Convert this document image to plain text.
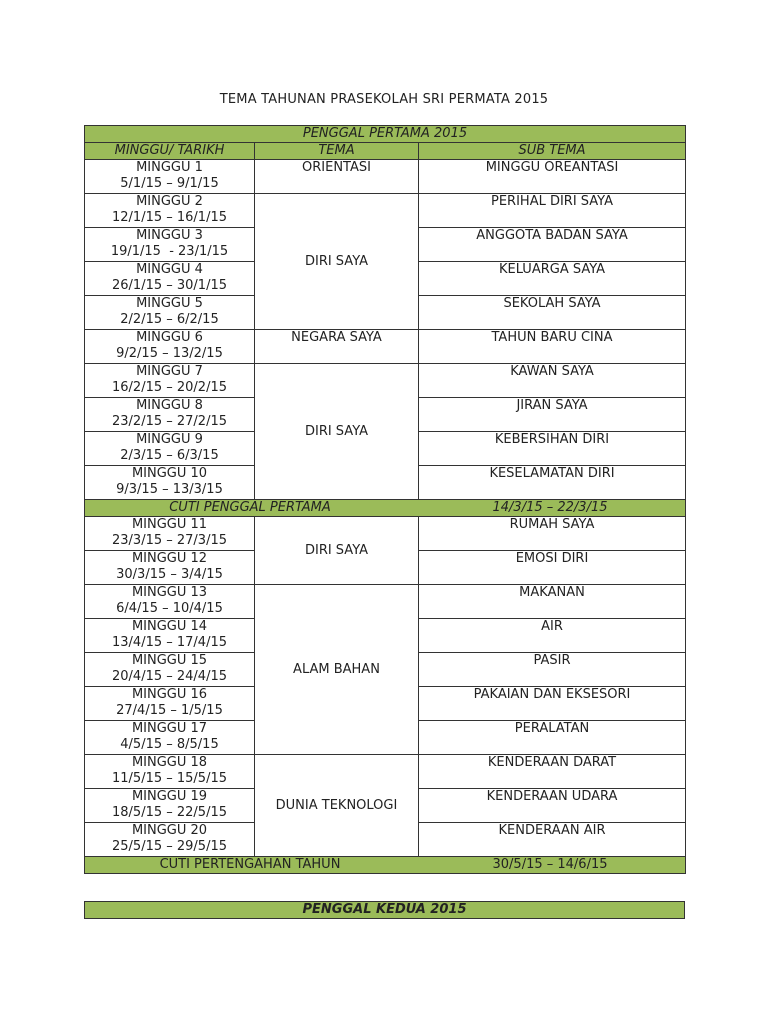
TEMA TAHUNAN PRASEKOLAH SRI PERMATA 2015
PENGGAL PERTAMA 2015		
MINGGU/ TARIKH	TEMA	SUB TEMA

MINGGU 1
5/1/15 – 9/1/15	ORIENTASI	MINGGU OREANTASI

MINGGU 2
12/1/15 – 16/1/15	DIRI SAYA	PERIHAL DIRI SAYA

MINGGU 3
19/1/15  - 23/1/15		ANGGOTA BADAN SAYA

MINGGU 4
26/1/15 – 30/1/15		KELUARGA SAYA

MINGGU 5
2/2/15 – 6/2/15		SEKOLAH SAYA

MINGGU 6
9/2/15 – 13/2/15	NEGARA SAYA	TAHUN BARU CINA

MINGGU 7
16/2/15 – 20/2/15	DIRI SAYA	KAWAN SAYA

MINGGU 8
23/2/15 – 27/2/15		JIRAN SAYA

MINGGU 9
2/3/15 – 6/3/15		KEBERSIHAN DIRI

MINGGU 10
9/3/15 – 13/3/15		KESELAMATAN DIRI

CUTI PENGGAL PERTAMA 14/3/15 – 22/3/15		

MINGGU 11
23/3/15 – 27/3/15	DIRI SAYA	RUMAH SAYA

MINGGU 12
30/3/15 – 3/4/15		EMOSI DIRI

MINGGU 13
6/4/15 – 10/4/15	ALAM BAHAN	MAKANAN

MINGGU 14
13/4/15 – 17/4/15		AIR

MINGGU 15
20/4/15 – 24/4/15		PASIR

MINGGU 16
27/4/15 – 1/5/15		PAKAIAN DAN EKSESORI

MINGGU 17
4/5/15 – 8/5/15		PERALATAN

MINGGU 18
11/5/15 – 15/5/15	DUNIA TEKNOLOGI	KENDERAAN DARAT

MINGGU 19
18/5/15 – 22/5/15		KENDERAAN UDARA

MINGGU 20
25/5/15 – 29/5/15		KENDERAAN AIR

CUTI PERTENGAHAN TAHUN 30/5/15 – 14/6/15		
PENGGAL KEDUA 2015
